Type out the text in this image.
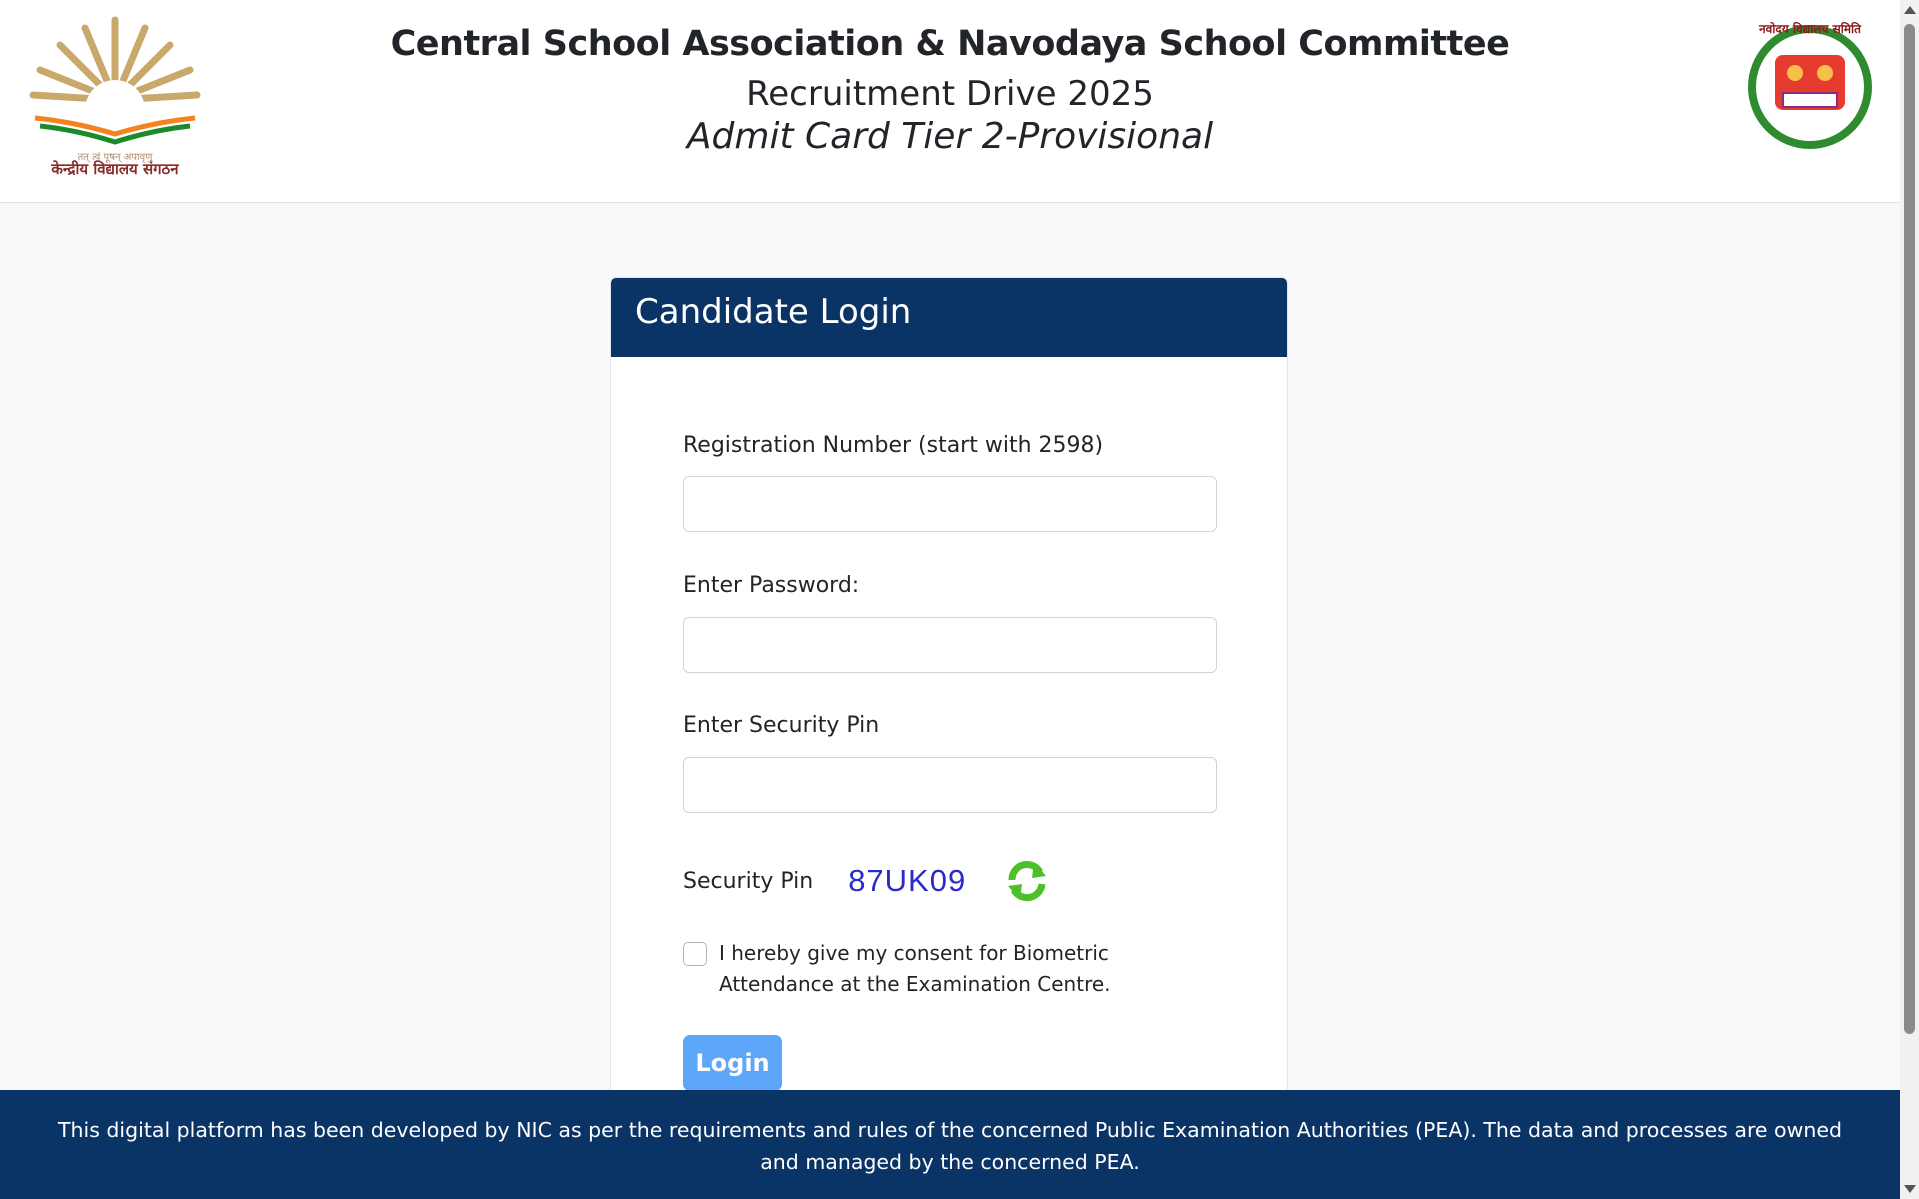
तत् त्वं पूषन् अपावृणु
केन्द्रीय विद्यालय संगठन
Central School Association & Navodaya School Committee
Recruitment Drive 2025
Admit Card Tier 2-Provisional
नवोदय विद्यालय समिति
Candidate Login
Registration Number (start with 2598)
Enter Password:
Enter Security Pin
Security Pin 87UK09
I hereby give my consent for Biometric Attendance at the Examination Centre.
Login
This digital platform has been developed by NIC as per the requirements and rules of the concerned Public Examination Authorities (PEA). The data and processes are owned and managed by the concerned PEA.
